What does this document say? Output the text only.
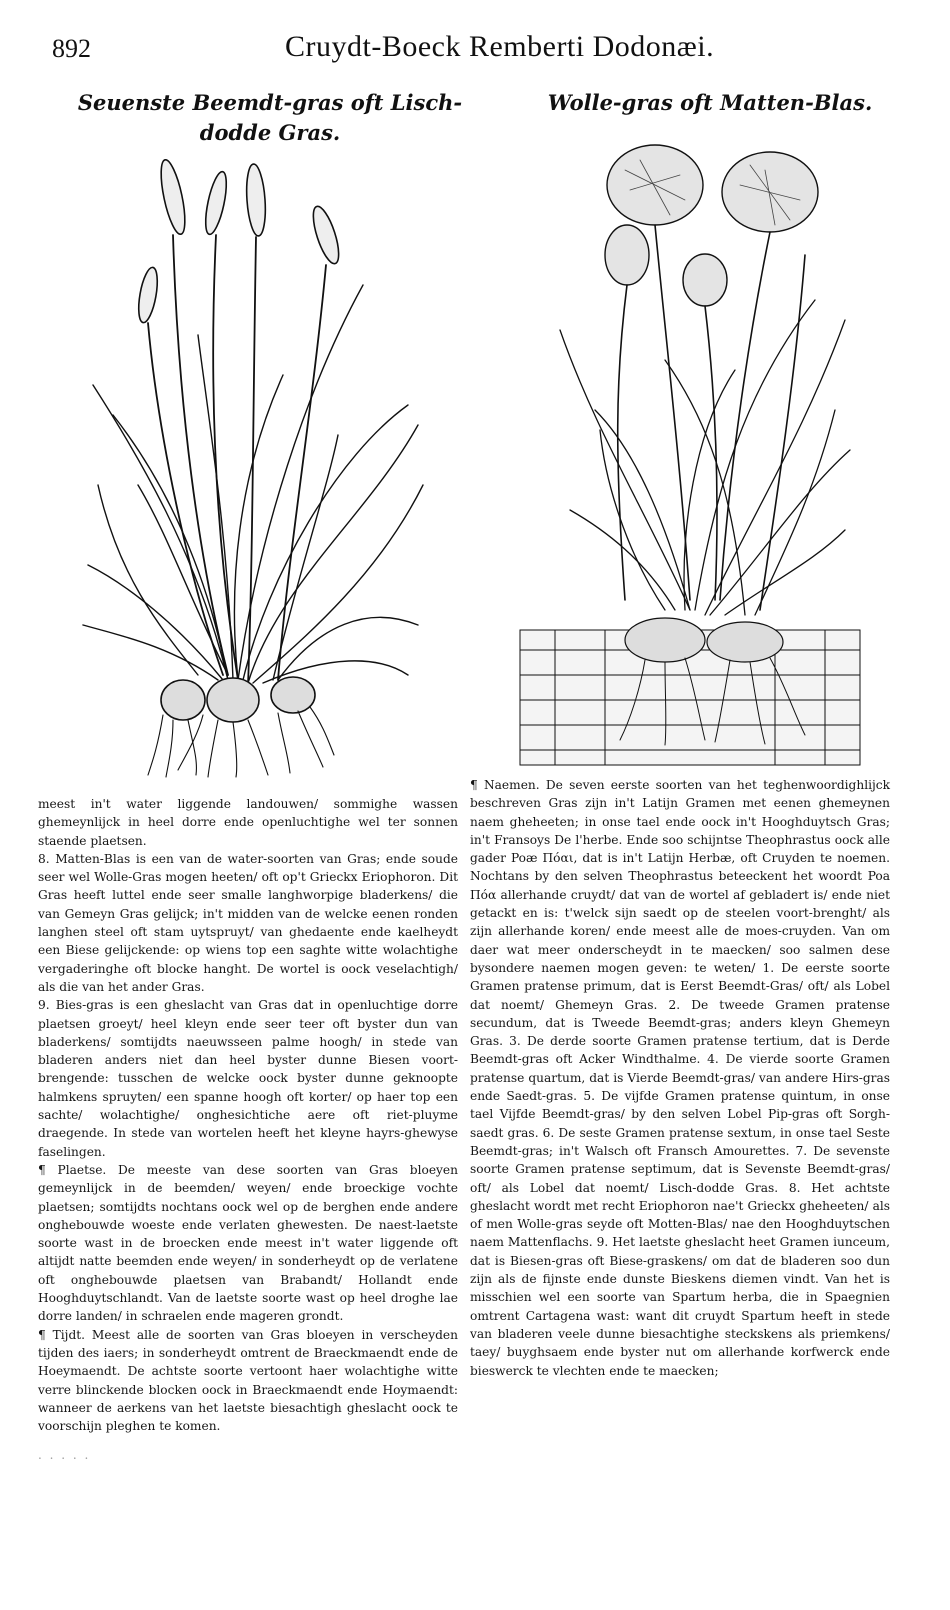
892	Cruydt-Boeck Remberti Dodonæi.
Seuenste Beemdt-gras oft Lisch-dodde Gras.
Wolle-gras oft Matten-Blas.

meest in't water liggende landouwen/ sommighe wassen ghemeynlijck in heel dorre ende openluchtighe wel ter sonnen staende plaetsen.

8. Matten-Blas is een van de water-soorten van Gras; ende soude seer wel Wolle-Gras mogen heeten/ oft op't Grieckx Eriophoron. Dit Gras heeft luttel ende seer smalle langhworpige bladerkens/ die van Gemeyn Gras gelijck; in't midden van de welcke eenen ronden langhen steel oft stam uytspruyt/ van ghedaente ende kaelheydt een Biese gelijckende: op wiens top een saghte witte wolachtighe vergaderinghe oft blocke hanght. De wortel is oock veselachtigh/ als die van het ander Gras.

9. Bies-gras is een gheslacht van Gras dat in openluchtige dorre plaetsen groeyt/ heel kleyn ende seer teer oft byster dun van bladerkens/ somtijdts naeuwsseen palme hoogh/ in stede van bladeren anders niet dan heel byster dunne Biesen voort-brengende: tusschen de welcke oock byster dunne geknoopte halmkens spruyten/ een spanne hoogh oft korter/ op haer top een sachte/ wolachtighe/ onghesichtiche aere oft riet-pluyme draegende. In stede van wortelen heeft het kleyne hayrs-ghewyse faselingen.

¶ Plaetse. De meeste van dese soorten van Gras bloeyen gemeynlijck in de beemden/ weyen/ ende broeckige vochte plaetsen; somtijdts nochtans oock wel op de berghen ende andere ongheb​ouwde woeste ende verlaten ghewesten. De naest-laetste soorte wast in de broecken ende meest in't water liggende oft altijdt natte beemden ende weyen/ in sonderheydt op de verlatene oft ongheb​ouwde plaetsen van Brabandt/ Hollandt ende Hooghduytschlandt. Van de laetste soorte wast op heel droghe lae dorre landen/ in schraelen ende mageren grondt.

¶ Tijdt. Meest alle de soorten van Gras bloeyen in verscheyden tijden des iaers; in sonderheydt omtrent de Braeckmaendt ende de Hoeymaendt. De achtste soorte vertoont haer wolachtighe witte verre blinckende blocken oock in Braeckmaendt ende Hoymaendt: wanneer de aerkens van het laetste biesachtigh gheslacht oock te voorschijn pleghen te komen.

. . . . .

¶ Naemen. De seven eerste soorten van het teghenwoordighlijck beschreven Gras zijn in't Latijn Gramen met eenen ghemeynen naem gheheeten; in onse tael ende oock in't Hooghduytsch Gras; in't Fransoys De l'herbe. Ende soo schijntse Theophrastus oock alle gader Poæ Πόαι, dat is in't Latijn Herbæ, oft Cruyden te noemen. Nochtans by den selven Theophrastus beteeckent het woordt Poa Πόα allerhande cruydt/ dat van de wortel af gebladert is/ ende niet getackt en is: t'welck sijn saedt op de steelen voort-brenght/ als zijn allerhande koren/ ende meest alle de moes-cruyden. Van om daer wat meer onderscheydt in te maecken/ soo salmen dese bysondere naemen mogen geven: te weten/ 1. De eerste soorte Gramen pratense primum, dat is Eerst Beemdt-Gras/ oft/ als Lobel dat noemt/ Ghemeyn Gras. 2. De tweede Gramen pratense secundum, dat is Tweede Beemdt-gras; anders kleyn Ghemeyn Gras. 3. De derde soorte Gramen pratense tertium, dat is Derde Beemdt-gras oft Acker Windthalme. 4. De vierde soorte Gramen pratense quartum, dat is Vierde Beemdt-gras/ van andere Hirs-gras ende Saedt-gras. 5. De vijfde Gramen pratense quintum, in onse tael Vijfde Beemdt-gras/ by den selven Lobel Pip-gras oft Sorgh-saedt gras. 6. De seste Gramen pratense sextum, in onse tael Seste Beemdt-gras; in't Walsch oft Fransch Amourettes. 7. De sevenste soorte Gramen pratense septimum, dat is Sevenste Beemdt-gras/ oft/ als Lobel dat noemt/ Lisch-dodde Gras. 8. Het achtste gheslacht wordt met recht Eriophoron nae't Grieckx gheheeten/ als of men Wolle-gras seyde oft Motten-Blas/ nae den Hooghduytschen naem Mattenflachs. 9. Het laetste gheslacht heet Gramen iunceum, dat is Biesen-gras oft Biese-graskens/ om dat de bladeren soo dun zijn als de fijnste ende dunste Bieskens diemen vindt. Van het is misschien wel een soorte van Spartum herba, die in Spaegnien omtrent Cartagena wast: want dit cruydt Spartum heeft in stede van bladeren veele dunne biesachtighe steckskens als priemkens/ taey/ buyghsaem ende byster nut om allerhande korfwerck ende bieswerck te vlechten ende te maecken;
